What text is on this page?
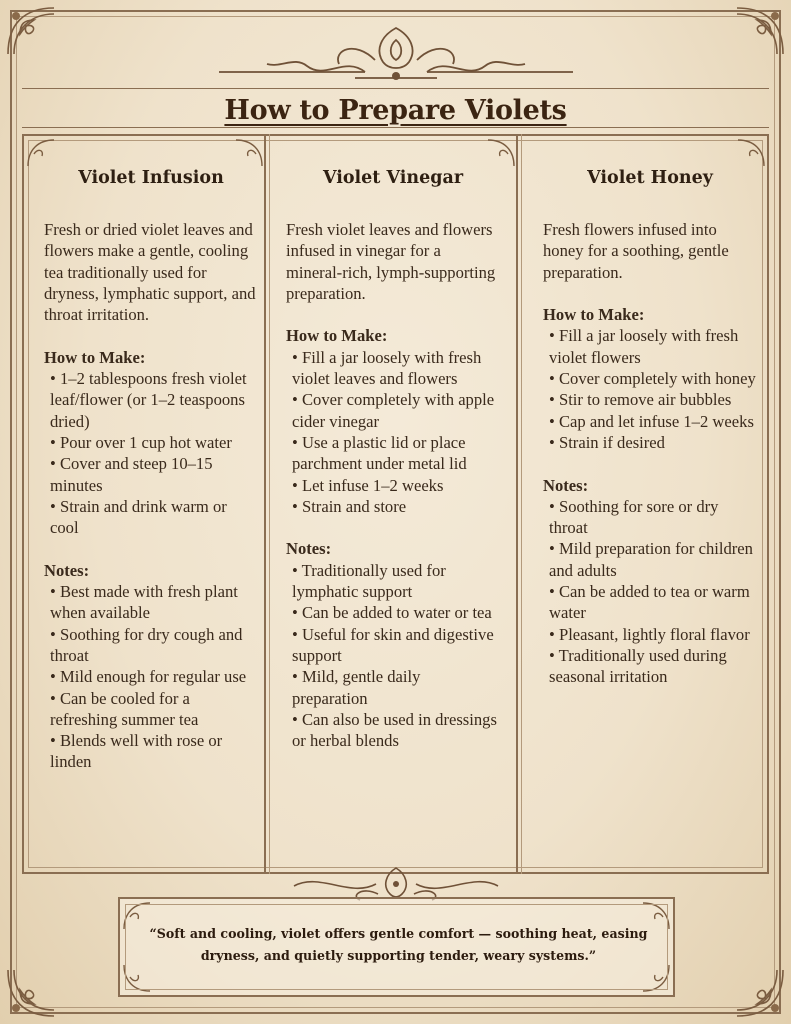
How to Prepare Violets
Violet Infusion

Fresh or dried violet leaves and flowers make a gentle, cooling tea traditionally used for dryness, lymphatic support, and throat irritation.

How to Make:

• 1–2 tablespoons fresh violet leaf/flower (or 1–2 teaspoons dried)
• Pour over 1 cup hot water
• Cover and steep 10–15 minutes
• Strain and drink warm or cool

Notes:

• Best made with fresh plant when available
• Soothing for dry cough and throat
• Mild enough for regular use
• Can be cooled for a refreshing summer tea
• Blends well with rose or linden

Violet Vinegar

Fresh violet leaves and flowers infused in vinegar for a mineral-rich, lymph-supporting preparation.

How to Make:

• Fill a jar loosely with fresh violet leaves and flowers
• Cover completely with apple cider vinegar
• Use a plastic lid or place parchment under metal lid
• Let infuse 1–2 weeks
• Strain and store

Notes:

• Traditionally used for lymphatic support
• Can be added to water or tea
• Useful for skin and digestive support
• Mild, gentle daily preparation
• Can also be used in dressings or herbal blends

Violet Honey

Fresh flowers infused into honey for a soothing, gentle preparation.

How to Make:

• Fill a jar loosely with fresh violet flowers
• Cover completely with honey
• Stir to remove air bubbles
• Cap and let infuse 1–2 weeks
• Strain if desired

Notes:

• Soothing for sore or dry throat
• Mild preparation for children and adults
• Can be added to tea or warm water
• Pleasant, lightly floral flavor
• Traditionally used during seasonal irritation

“Soft and cooling, violet offers gentle comfort — soothing heat, easing dryness, and quietly supporting tender, weary systems.”
